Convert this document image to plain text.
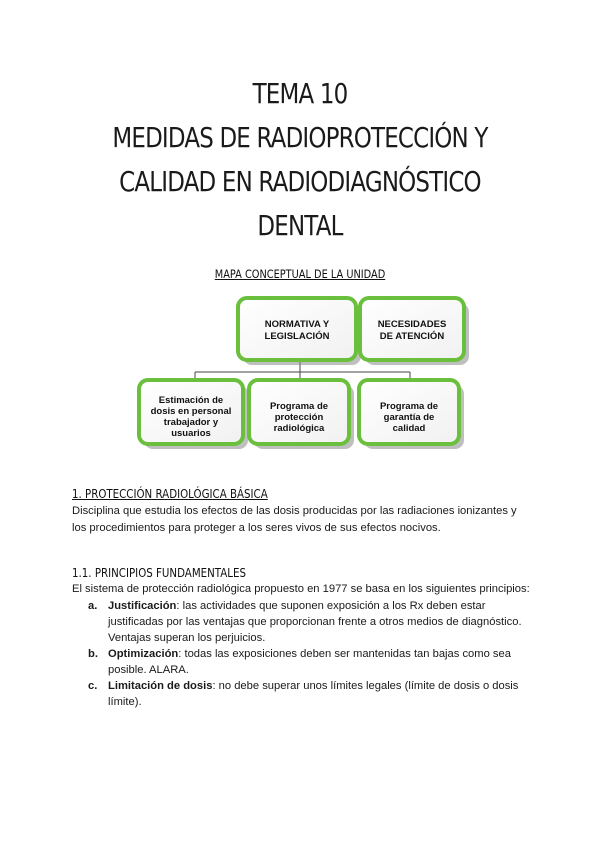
TEMA 10
MEDIDAS DE RADIOPROTECCIÓN Y
CALIDAD EN RADIODIAGNÓSTICO
DENTAL
MAPA CONCEPTUAL DE LA UNIDAD
NORMATIVA Y
LEGISLACIÓN
NECESIDADES
DE ATENCIÓN
Estimación de
dosis en personal
trabajador y
usuarios
Programa de
protección
radiológica
Programa de
garantía de
calidad
1. PROTECCIÓN RADIOLÓGICA BÁSICA
Disciplina que estudia los efectos de las dosis producidas por las radiaciones ionizantes y los procedimientos para proteger a los seres vivos de sus efectos nocivos.
1.1. PRINCIPIOS FUNDAMENTALES
El sistema de protección radiológica propuesto en 1977 se basa en los siguientes principios:
a. Justificación: las actividades que suponen exposición a los Rx deben estar justificadas por las ventajas que proporcionan frente a otros medios de diagnóstico. Ventajas superan los perjuicios.
b. Optimización: todas las exposiciones deben ser mantenidas tan bajas como sea posible. ALARA.
c. Limitación de dosis: no debe superar unos límites legales (límite de dosis o dosis límite).
